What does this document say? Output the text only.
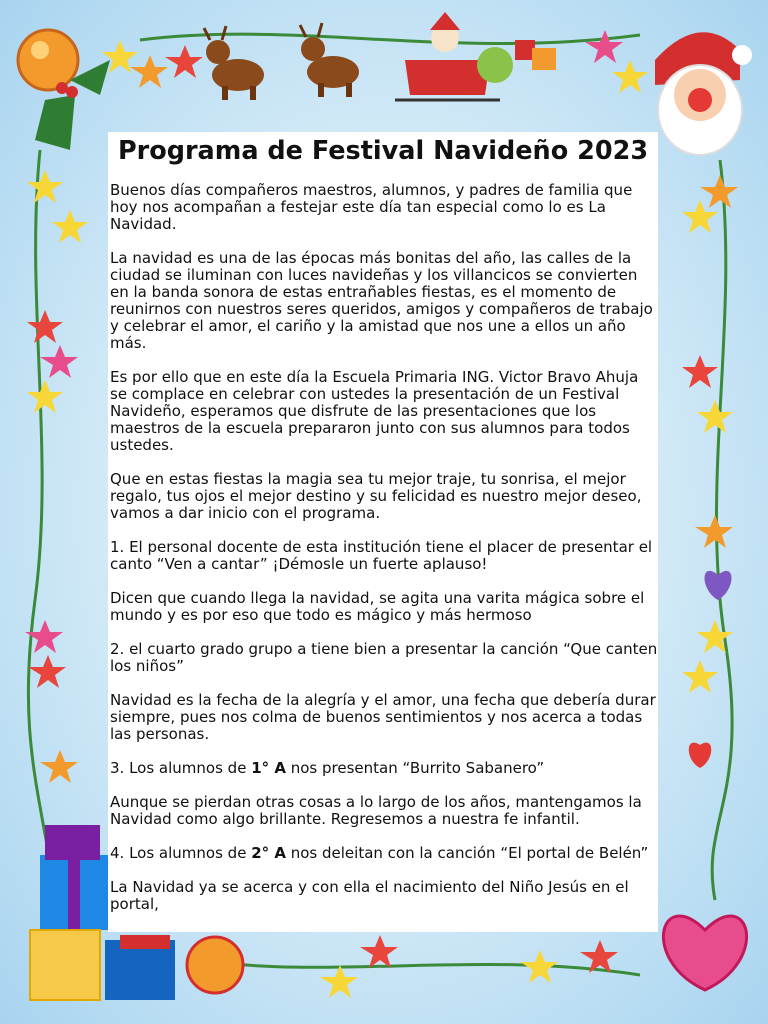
Programa de Festival Navideño 2023

Buenos días compañeros maestros, alumnos, y padres de familia que hoy nos acompañan a festejar este día tan especial como lo es La Navidad.

La navidad es una de las épocas más bonitas del año, las calles de la ciudad se iluminan con luces navideñas y los villancicos se convierten en la banda sonora de estas entrañables fiestas, es el momento de reunirnos con nuestros seres queridos, amigos y compañeros de trabajo y celebrar el amor, el cariño y la amistad que nos une a ellos un año más.

Es por ello que en este día la Escuela Primaria ING. Victor Bravo Ahuja se complace en celebrar con ustedes la presentación de un Festival Navideño, esperamos que disfrute de las presentaciones que los maestros de la escuela prepararon junto con sus alumnos para todos ustedes.

Que en estas fiestas la magia sea tu mejor traje, tu sonrisa, el mejor regalo, tus ojos el mejor destino y su felicidad es nuestro mejor deseo, vamos a dar inicio con el programa.

1. El personal docente de esta institución tiene el placer de presentar el canto “Ven a cantar” ¡Démosle un fuerte aplauso!

Dicen que cuando llega la navidad, se agita una varita mágica sobre el mundo y es por eso que todo es mágico y más hermoso

2. el cuarto grado grupo a tiene bien a presentar la canción “Que canten los niños”

Navidad es la fecha de la alegría y el amor, una fecha que debería durar siempre, pues nos colma de buenos sentimientos y nos acerca a todas las personas.

3. Los alumnos de 1° A nos presentan “Burrito Sabanero”

Aunque se pierdan otras cosas a lo largo de los años, mantengamos la Navidad como algo brillante. Regresemos a nuestra fe infantil.

4. Los alumnos de 2° A nos deleitan con la canción “El portal de Belén”

La Navidad ya se acerca y con ella el nacimiento del Niño Jesús en el portal,
